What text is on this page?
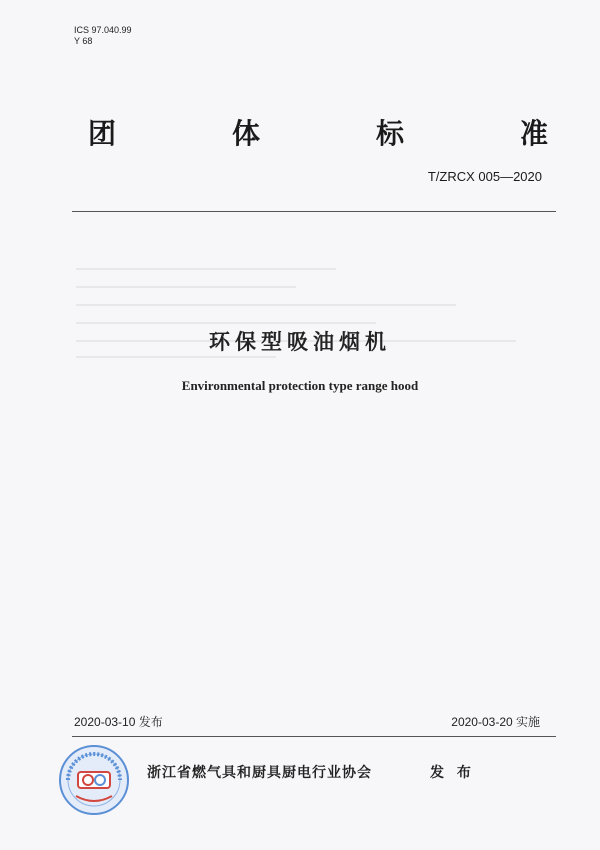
ICS 97.040.99
Y 68
团	体	标	准
T/ZRCX 005—2020
环保型吸油烟机
Environmental protection type range hood
2020-03-10 发布	2020-03-20 实施
浙江省燃气具和厨具厨电行业协会	发 布
